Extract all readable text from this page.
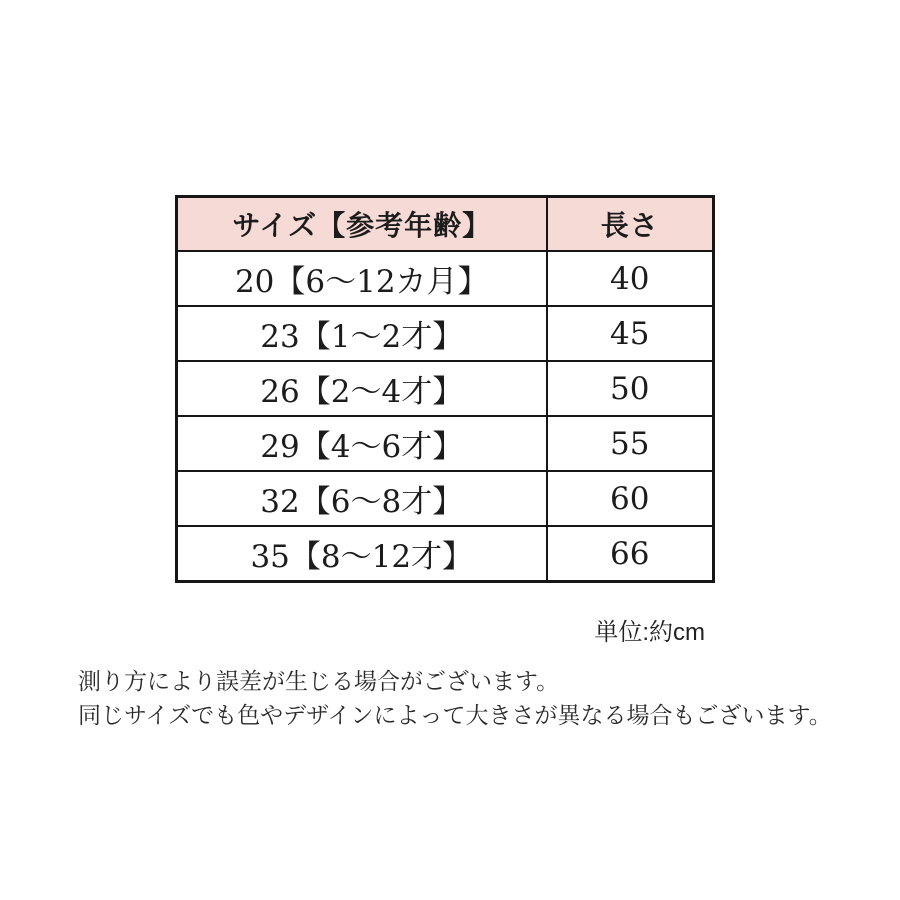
サイズ【参考年齢】	長さ
20【6〜12カ月】	40
23【1〜2才】	45
26【2〜4才】	50
29【4〜6才】	55
32【6〜8才】	60
35【8〜12才】	66
単位:約cm
測り方により誤差が生じる場合がございます。
同じサイズでも色やデザインによって大きさが異なる場合もございます。
